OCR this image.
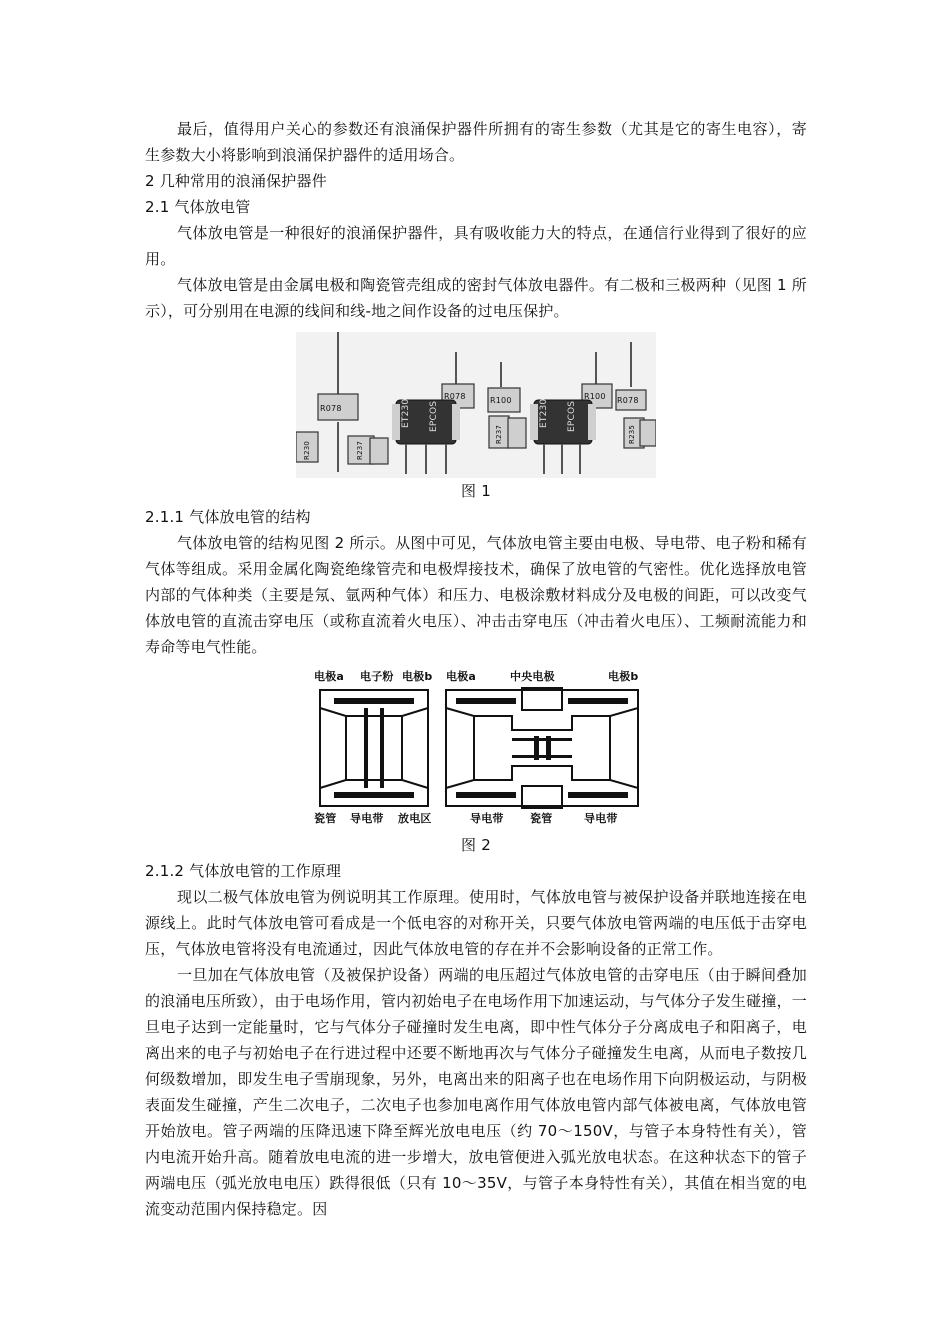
最后，值得用户关心的参数还有浪涌保护器件所拥有的寄生参数（尤其是它的寄生电容），寄生参数大小将影响到浪涌保护器件的适用场合。

2 几种常用的浪涌保护器件

2.1 气体放电管

气体放电管是一种很好的浪涌保护器件，具有吸收能力大的特点，在通信行业得到了很好的应用。

气体放电管是由金属电极和陶瓷管壳组成的密封气体放电器件。有二极和三极两种（见图 1 所示），可分别用在电源的线间和线-地之间作设备的过电压保护。

R078
R078	R100	R100 R078
ET230 EPCOS	ET230 EPCOS
R237	R235
R237
R230

图 1

2.1.1 气体放电管的结构

气体放电管的结构见图 2 所示。从图中可见，气体放电管主要由电极、导电带、电子粉和稀有气体等组成。采用金属化陶瓷绝缘管壳和电极焊接技术，确保了放电管的气密性。优化选择放电管内部的气体种类（主要是氖、氩两种气体）和压力、电极涂敷材料成分及电极的间距，可以改变气体放电管的直流击穿电压（或称直流着火电压）、冲击击穿电压（冲击着火电压）、工频耐流能力和寿命等电气性能。

电极a 电子粉 电极b 电极a	中央电极	电极b
瓷管 导电带 放电区	导电带 瓷管	导电带

图 2

2.1.2 气体放电管的工作原理

现以二极气体放电管为例说明其工作原理。使用时，气体放电管与被保护设备并联地连接在电源线上。此时气体放电管可看成是一个低电容的对称开关，只要气体放电管两端的电压低于击穿电压，气体放电管将没有电流通过，因此气体放电管的存在并不会影响设备的正常工作。

一旦加在气体放电管（及被保护设备）两端的电压超过气体放电管的击穿电压（由于瞬间叠加的浪涌电压所致），由于电场作用，管内初始电子在电场作用下加速运动，与气体分子发生碰撞，一旦电子达到一定能量时，它与气体分子碰撞时发生电离，即中性气体分子分离成电子和阳离子，电离出来的电子与初始电子在行进过程中还要不断地再次与气体分子碰撞发生电离，从而电子数按几何级数增加，即发生电子雪崩现象，另外，电离出来的阳离子也在电场作用下向阴极运动，与阴极表面发生碰撞，产生二次电子，二次电子也参加电离作用气体放电管内部气体被电离，气体放电管开始放电。管子两端的压降迅速下降至辉光放电电压（约 70～150V，与管子本身特性有关），管内电流开始升高。随着放电电流的进一步增大，放电管便进入弧光放电状态。在这种状态下的管子两端电压（弧光放电电压）跌得很低（只有 10～35V，与管子本身特性有关），其值在相当宽的电流变动范围内保持稳定。因
